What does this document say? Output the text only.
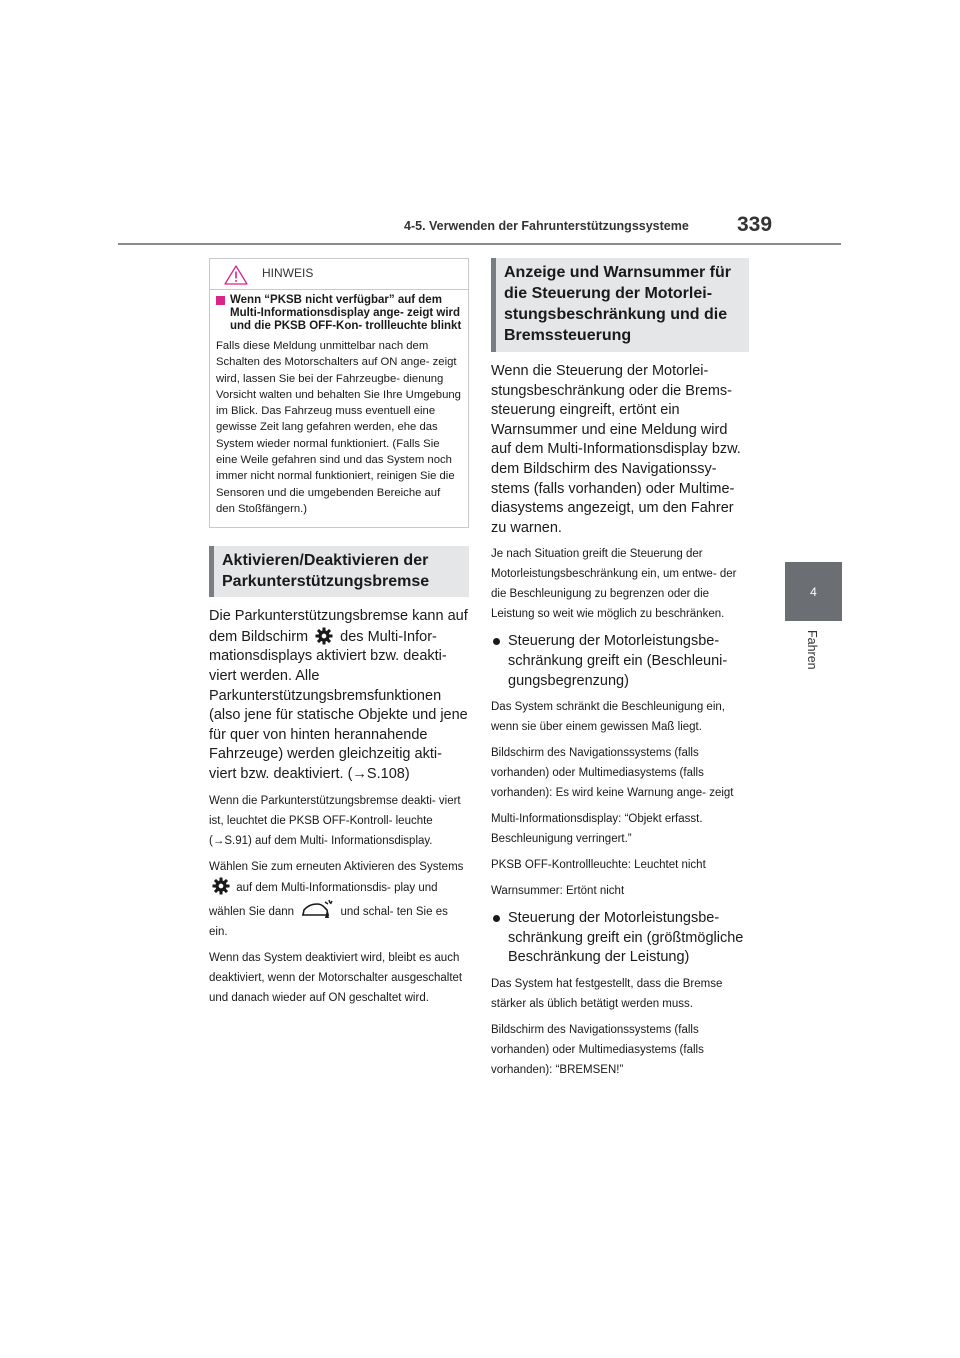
4-5. Verwenden der Fahrunterstützungssysteme 339
4
Fahren
HINWEIS
Wenn “PKSB nicht verfügbar” auf dem Multi-Informationsdisplay ange- zeigt wird und die PKSB OFF-Kon- trollleuchte blinkt
Falls diese Meldung unmittelbar nach dem Schalten des Motorschalters auf ON ange- zeigt wird, lassen Sie bei der Fahrzeugbe- dienung Vorsicht walten und behalten Sie Ihre Umgebung im Blick. Das Fahrzeug muss eventuell eine gewisse Zeit lang gefahren werden, ehe das System wieder normal funktioniert. (Falls Sie eine Weile gefahren sind und das System noch immer nicht normal funktioniert, reinigen Sie die Sensoren und die umgebenden Bereiche auf den Stoßfängern.)
Aktivieren/Deaktivieren der Parkunterstützungsbremse
Die Parkunterstützungsbremse kann auf dem Bildschirm des Multi-Infor- mationsdisplays aktiviert bzw. deakti- viert werden. Alle Parkunterstützungsbremsfunktionen (also jene für statische Objekte und jene für quer von hinten herannahende Fahrzeuge) werden gleichzeitig akti- viert bzw. deaktiviert. (→S.108)
Wenn die Parkunterstützungsbremse deakti- viert ist, leuchtet die PKSB OFF-Kontroll- leuchte (→S.91) auf dem Multi- Informationsdisplay.
Wählen Sie zum erneuten Aktivieren des Systems  auf dem Multi-Informationsdis- play und wählen Sie dann	und schal- ten Sie es ein.
Wenn das System deaktiviert wird, bleibt es auch deaktiviert, wenn der Motorschalter ausgeschaltet und danach wieder auf ON geschaltet wird.
Anzeige und Warnsummer für die Steuerung der Motorlei- stungsbeschränkung und die Bremssteuerung
Wenn die Steuerung der Motorlei- stungsbeschränkung oder die Brems- steuerung eingreift, ertönt ein Warnsummer und eine Meldung wird auf dem Multi-Informationsdisplay bzw. dem Bildschirm des Navigationssy- stems (falls vorhanden) oder Multime- diasystems angezeigt, um den Fahrer zu warnen.
Je nach Situation greift die Steuerung der Motorleistungsbeschränkung ein, um entwe- der die Beschleunigung zu begrenzen oder die Leistung so weit wie möglich zu beschränken.
Steuerung der Motorleistungsbe- schränkung greift ein (Beschleuni- gungsbegrenzung)
Das System schränkt die Beschleunigung ein, wenn sie über einem gewissen Maß liegt.
Bildschirm des Navigationssystems (falls vorhanden) oder Multimediasystems (falls vorhanden): Es wird keine Warnung ange- zeigt
Multi-Informationsdisplay: “Objekt erfasst. Beschleunigung verringert.”
PKSB OFF-Kontrollleuchte: Leuchtet nicht
Warnsummer: Ertönt nicht
Steuerung der Motorleistungsbe- schränkung greift ein (größtmögliche Beschränkung der Leistung)
Das System hat festgestellt, dass die Bremse stärker als üblich betätigt werden muss.
Bildschirm des Navigationssystems (falls vorhanden) oder Multimediasystems (falls vorhanden): “BREMSEN!”
